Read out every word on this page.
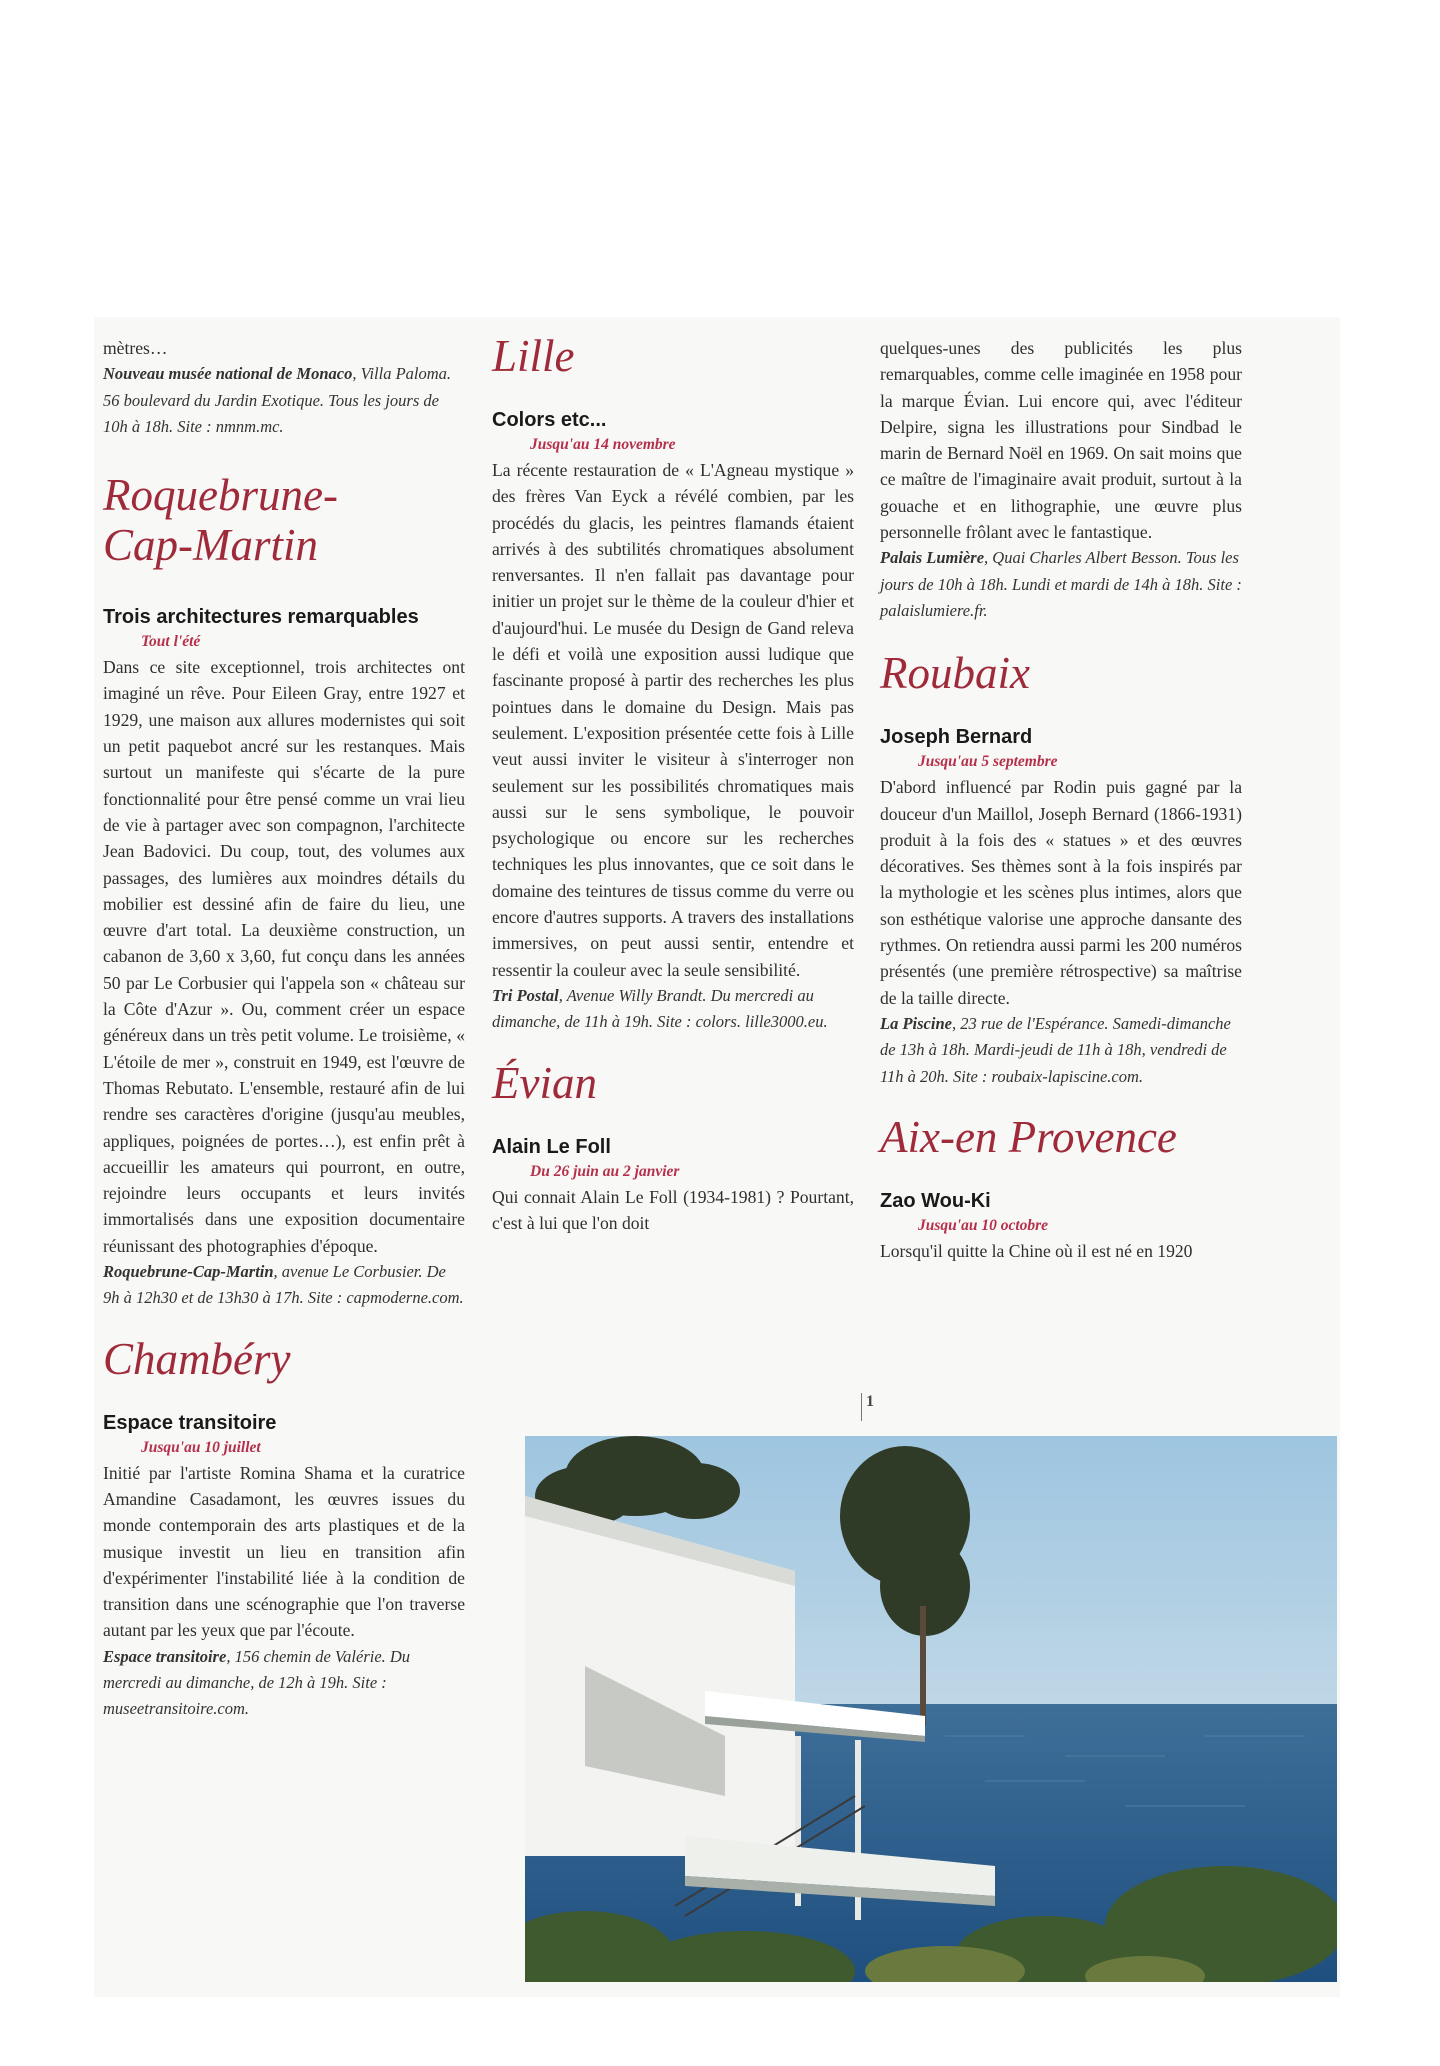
mètres…

Nouveau musée national de Monaco, Villa Paloma. 56 boulevard du Jardin Exotique. Tous les jours de 10h à 18h. Site : nmnm.mc.

Roquebrune-
Cap-Martin
Trois architectures remarquables

Tout l'été

Dans ce site exceptionnel, trois architectes ont imaginé un rêve. Pour Eileen Gray, entre 1927 et 1929, une maison aux allures modernistes qui soit un petit paquebot ancré sur les restanques. Mais surtout un manifeste qui s'écarte de la pure fonctionnalité pour être pensé comme un vrai lieu de vie à partager avec son compagnon, l'architecte Jean Badovici. Du coup, tout, des volumes aux passages, des lumières aux moindres détails du mobilier est dessiné afin de faire du lieu, une œuvre d'art total. La deuxième construction, un cabanon de 3,60 x 3,60, fut conçu dans les années 50 par Le Corbusier qui l'appela son « château sur la Côte d'Azur ». Ou, comment créer un espace généreux dans un très petit volume. Le troisième, « L'étoile de mer », construit en 1949, est l'œuvre de Thomas Rebutato. L'ensemble, restauré afin de lui rendre ses caractères d'origine (jusqu'au meubles, appliques, poignées de portes…), est enfin prêt à accueillir les amateurs qui pourront, en outre, rejoindre leurs occupants et leurs invités immortalisés dans une exposition documentaire réunissant des photographies d'époque.

Roquebrune-Cap-Martin, avenue Le Corbusier. De 9h à 12h30 et de 13h30 à 17h. Site : capmoderne.com.

Chambéry
Espace transitoire

Jusqu'au 10 juillet

Initié par l'artiste Romina Shama et la curatrice Amandine Casadamont, les œuvres issues du monde contemporain des arts plastiques et de la musique investit un lieu en transition afin d'expérimenter l'instabilité liée à la condition de transition dans une scénographie que l'on traverse autant par les yeux que par l'écoute.

Espace transitoire, 156 chemin de Valérie. Du mercredi au dimanche, de 12h à 19h. Site : museetransitoire.com.

Lille
Colors etc...

Jusqu'au 14 novembre

La récente restauration de « L'Agneau mystique » des frères Van Eyck a révélé combien, par les procédés du glacis, les peintres flamands étaient arrivés à des subtilités chromatiques absolument renversantes. Il n'en fallait pas davantage pour initier un projet sur le thème de la couleur d'hier et d'aujourd'hui. Le musée du Design de Gand releva le défi et voilà une exposition aussi ludique que fascinante proposé à partir des recherches les plus pointues dans le domaine du Design. Mais pas seulement. L'exposition présentée cette fois à Lille veut aussi inviter le visiteur à s'interroger non seulement sur les possibilités chromatiques mais aussi sur le sens symbolique, le pouvoir psychologique ou encore sur les recherches techniques les plus innovantes, que ce soit dans le domaine des teintures de tissus comme du verre ou encore d'autres supports. A travers des installations immersives, on peut aussi sentir, entendre et ressentir la couleur avec la seule sensibilité.

Tri Postal, Avenue Willy Brandt. Du mercredi au dimanche, de 11h à 19h. Site : colors. lille3000.eu.

Évian
Alain Le Foll

Du 26 juin au 2 janvier

Qui connait Alain Le Foll (1934-1981) ? Pourtant, c'est à lui que l'on doit

quelques-unes des publicités les plus remarquables, comme celle imaginée en 1958 pour la marque Évian. Lui encore qui, avec l'éditeur Delpire, signa les illustrations pour Sindbad le marin de Bernard Noël en 1969. On sait moins que ce maître de l'imaginaire avait produit, surtout à la gouache et en lithographie, une œuvre plus personnelle frôlant avec le fantastique.

Palais Lumière, Quai Charles Albert Besson. Tous les jours de 10h à 18h. Lundi et mardi de 14h à 18h. Site : palaislumiere.fr.

Roubaix
Joseph Bernard

Jusqu'au 5 septembre

D'abord influencé par Rodin puis gagné par la douceur d'un Maillol, Joseph Bernard (1866-1931) produit à la fois des « statues » et des œuvres décoratives. Ses thèmes sont à la fois inspirés par la mythologie et les scènes plus intimes, alors que son esthétique valorise une approche dansante des rythmes. On retiendra aussi parmi les 200 numéros présentés (une première rétrospective) sa maîtrise de la taille directe.

La Piscine, 23 rue de l'Espérance. Samedi-dimanche de 13h à 18h. Mardi-jeudi de 11h à 18h, vendredi de 11h à 20h. Site : roubaix-lapiscine.com.

Aix-en Provence
Zao Wou-Ki

Jusqu'au 10 octobre

Lorsqu'il quitte la Chine où il est né en 1920

1
